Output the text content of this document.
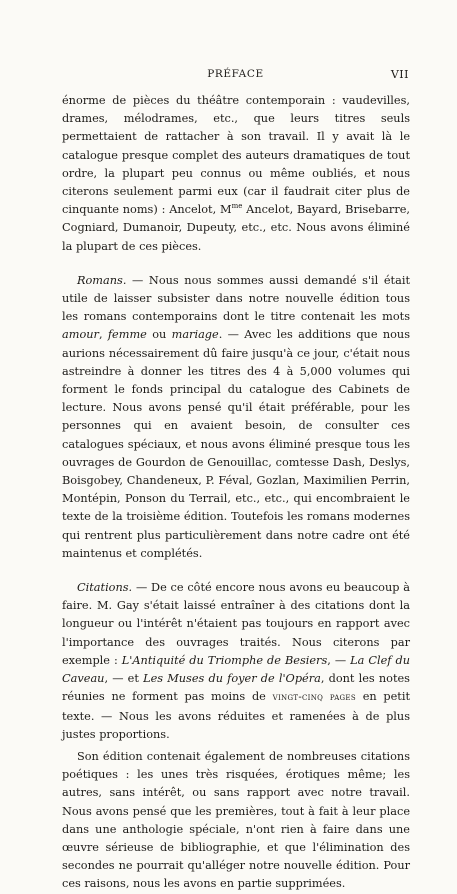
PRÉFACE	VII

énorme de pièces du théâtre contemporain : vaudevilles, drames, mélodrames, etc., que leurs titres seuls permettaient de rattacher à son travail. Il y avait là le catalogue presque complet des auteurs dramatiques de tout ordre, la plupart peu connus ou même oubliés, et nous citerons seulement parmi eux (car il faudrait citer plus de cinquante noms) : Ancelot, $M^{me}$ Ancelot, Bayard, Brisebarre, Cogniard, Dumanoir, Dupeuty, etc., etc. Nous avons éliminé la plupart de ces pièces.

Romans. — Nous nous sommes aussi demandé s'il était utile de laisser subsister dans notre nouvelle édition tous les romans contemporains dont le titre contenait les mots amour, femme ou mariage. — Avec les additions que nous aurions nécessairement dû faire jusqu'à ce jour, c'était nous astreindre à donner les titres des 4 à 5,000 volumes qui forment le fonds principal du catalogue des Cabinets de lecture. Nous avons pensé qu'il était préférable, pour les personnes qui en avaient besoin, de consulter ces catalogues spéciaux, et nous avons éliminé presque tous les ouvrages de Gourdon de Genouillac, comtesse Dash, Deslys, Boisgobey, Chandeneux, P. Féval, Gozlan, Maximilien Perrin, Montépin, Ponson du Terrail, etc., etc., qui encombraient le texte de la troisième édition. Toutefois les romans modernes qui rentrent plus particulièrement dans notre cadre ont été maintenus et complétés.

Citations. — De ce côté encore nous avons eu beaucoup à faire. M. Gay s'était laissé entraîner à des citations dont la longueur ou l'intérêt n'étaient pas toujours en rapport avec l'importance des ouvrages traités. Nous citerons par exemple : L'Antiquité du Triomphe de Besiers, — La Clef du Caveau, — et Les Muses du foyer de l'Opéra, dont les notes réunies ne forment pas moins de vingt-cinq pages en petit texte. — Nous les avons réduites et ramenées à de plus justes proportions.

Son édition contenait également de nombreuses citations poétiques : les unes très risquées, érotiques même; les autres, sans intérêt, ou sans rapport avec notre travail. Nous avons pensé que les premières, tout à fait à leur place dans une anthologie spéciale, n'ont rien à faire dans une œuvre sérieuse de bibliographie, et que l'élimination des secondes ne pourrait qu'alléger notre nouvelle édition. Pour ces raisons, nous les avons en partie supprimées.
